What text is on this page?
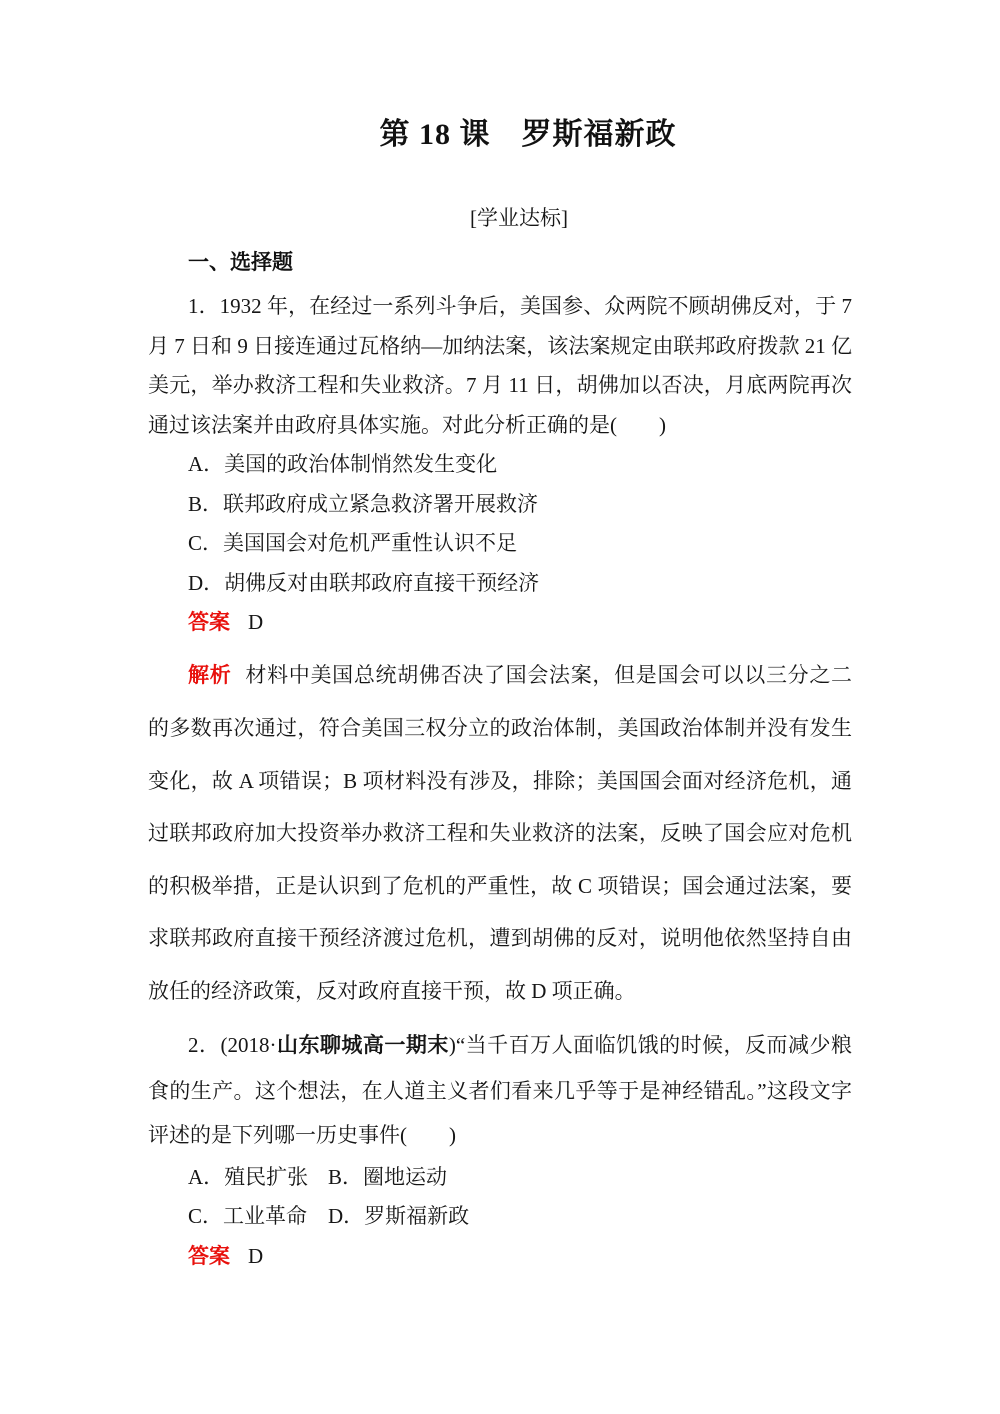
第 18 课　罗斯福新政

[学业达标]

一、选择题

1．1932 年，在经过一系列斗争后，美国参、众两院不顾胡佛反对，于 7 月 7 日和 9 日接连通过瓦格纳—加纳法案，该法案规定由联邦政府拨款 21 亿美元，举办救济工程和失业救济。7 月 11 日，胡佛加以否决，月底两院再次通过该法案并由政府具体实施。对此分析正确的是(　　)

A．美国的政治体制悄然发生变化
B．联邦政府成立紧急救济署开展救济
C．美国国会对危机严重性认识不足
D．胡佛反对由联邦政府直接干预经济

答案 D

解析 材料中美国总统胡佛否决了国会法案，但是国会可以以三分之二的多数再次通过，符合美国三权分立的政治体制，美国政治体制并没有发生变化，故 A 项错误；B 项材料没有涉及，排除；美国国会面对经济危机，通过联邦政府加大投资举办救济工程和失业救济的法案，反映了国会应对危机的积极举措，正是认识到了危机的严重性，故 C 项错误；国会通过法案，要求联邦政府直接干预经济渡过危机，遭到胡佛的反对，说明他依然坚持自由放任的经济政策，反对政府直接干预，故 D 项正确。

2．(2018·山东聊城高一期末)“当千百万人面临饥饿的时候，反而减少粮食的生产。这个想法，在人道主义者们看来几乎等于是神经错乱。”这段文字评述的是下列哪一历史事件(　　)

A．殖民扩张 B．圈地运动

C．工业革命 D．罗斯福新政

答案 D
